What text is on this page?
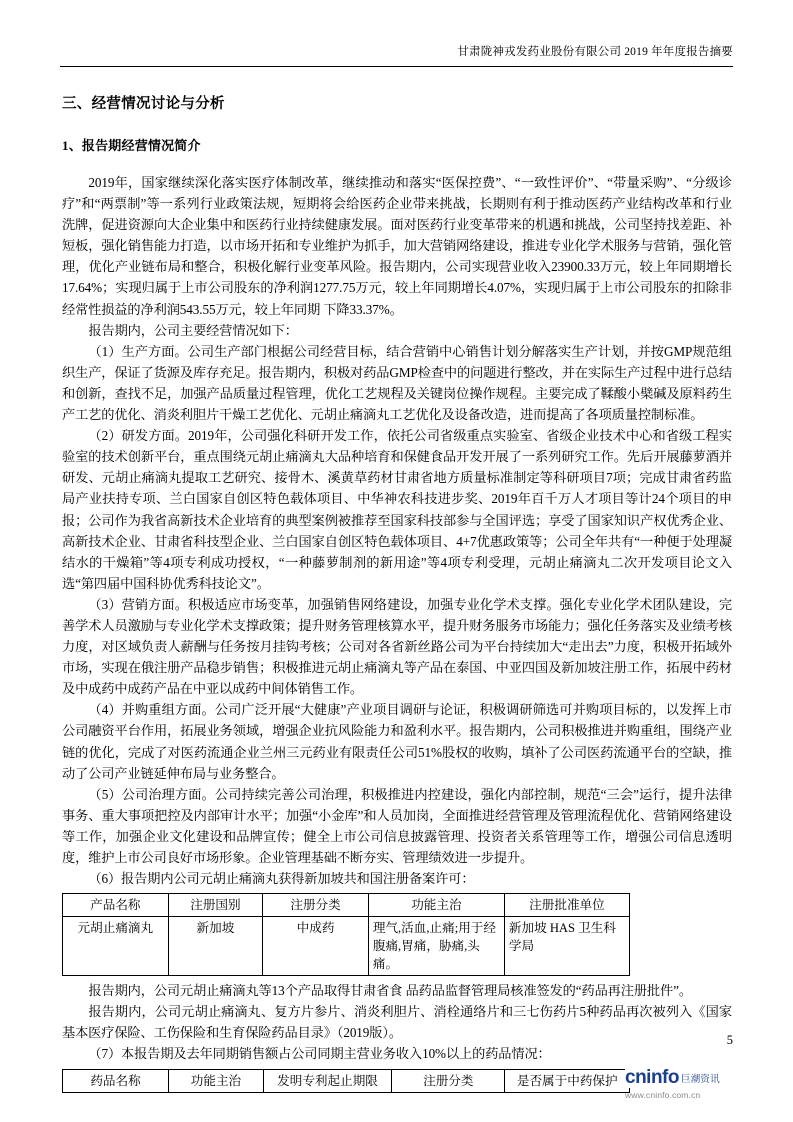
甘肃陇神戎发药业股份有限公司 2019 年年度报告摘要
三、经营情况讨论与分析
1、报告期经营情况简介

2019年，国家继续深化落实医疗体制改革，继续推动和落实“医保控费”、“一致性评价”、“带量采购”、“分级诊疗”和“两票制”等一系列行业政策法规，短期将会给医药企业带来挑战，长期则有利于推动医药产业结构改革和行业洗牌，促进资源向大企业集中和医药行业持续健康发展。面对医药行业变革带来的机遇和挑战，公司坚持找差距、补短板，强化销售能力打造，以市场开拓和专业维护为抓手，加大营销网络建设，推进专业化学术服务与营销，强化管理，优化产业链布局和整合，积极化解行业变革风险。报告期内，公司实现营业收入23900.33万元，较上年同期增长17.64%；实现归属于上市公司股东的净利润1277.75万元，较上年同期增长4.07%，实现归属于上市公司股东的扣除非经常性损益的净利润543.55万元，较上年同期 下降33.37%。

报告期内，公司主要经营情况如下：

（1）生产方面。公司生产部门根据公司经营目标，结合营销中心销售计划分解落实生产计划，并按GMP规范组织生产，保证了货源及库存充足。报告期内，积极对药品GMP检查中的问题进行整改，并在实际生产过程中进行总结和创新，查找不足，加强产品质量过程管理，优化工艺规程及关键岗位操作规程。主要完成了鞣酸小檗碱及原料药生产工艺的优化、消炎利胆片干燥工艺优化、元胡止痛滴丸工艺优化及设备改造，进而提高了各项质量控制标准。

（2）研发方面。2019年，公司强化科研开发工作，依托公司省级重点实验室、省级企业技术中心和省级工程实验室的技术创新平台，重点围绕元胡止痛滴丸大品种培育和保健食品开发开展了一系列研究工作。先后开展藤萝酒并研发、元胡止痛滴丸提取工艺研究、接骨木、溪黄草药材甘肃省地方质量标准制定等科研项目7项；完成甘肃省药监局产业扶持专项、兰白国家自创区特色载体项目、中华神农科技进步奖、2019年百千万人才项目等计24个项目的申报；公司作为我省高新技术企业培育的典型案例被推荐至国家科技部参与全国评选；享受了国家知识产权优秀企业、高新技术企业、甘肃省科技型企业、兰白国家自创区特色载体项目、4+7优惠政策等；公司全年共有“一种便于处理凝结水的干燥箱”等4项专利成功授权，“一种藤萝制剂的新用途”等4项专利受理，元胡止痛滴丸二次开发项目论文入选“第四届中国科协优秀科技论文”。

（3）营销方面。积极适应市场变革，加强销售网络建设，加强专业化学术支撑。强化专业化学术团队建设，完善学术人员激励与专业化学术支撑政策；提升财务管理核算水平，提升财务服务市场能力；强化任务落实及业绩考核力度，对区域负责人薪酬与任务按月挂钩考核；公司对各省新丝路公司为平台持续加大“走出去”力度，积极开拓域外市场，实现在俄注册产品稳步销售；积极推进元胡止痛滴丸等产品在泰国、中亚四国及新加坡注册工作，拓展中药材及中成药中成药产品在中亚以成药中间体销售工作。

（4）并购重组方面。公司广泛开展“大健康”产业项目调研与论证，积极调研筛选可并购项目标的，以发挥上市公司融资平台作用，拓展业务领域，增强企业抗风险能力和盈利水平。报告期内，公司积极推进并购重组，围绕产业链的优化，完成了对医药流通企业兰州三元药业有限责任公司51%股权的收购，填补了公司医药流通平台的空缺，推动了公司产业链延伸布局与业务整合。

（5）公司治理方面。公司持续完善公司治理，积极推进内控建设，强化内部控制，规范“三会”运行，提升法律事务、重大事项把控及内部审计水平；加强“小金库”和人员加岗，全面推进经营管理及管理流程优化、营销网络建设等工作，加强企业文化建设和品牌宣传；健全上市公司信息披露管理、投资者关系管理等工作，增强公司信息透明度，维护上市公司良好市场形象。企业管理基础不断夯实、管理绩效进一步提升。

（6）报告期内公司元胡止痛滴丸获得新加坡共和国注册备案许可：

产品名称	注册国别	注册分类	功能主治	注册批准单位
元胡止痛滴丸	新加坡	中成药	理气,活血,止痛;用于经腹痛,胃痛，胁痛,头痛。	新加坡 HAS 卫生科学局

报告期内，公司元胡止痛滴丸等13个产品取得甘肃省食 品药品监督管理局核准签发的“药品再注册批件”。

报告期内，公司元胡止痛滴丸、复方片参片、消炎利胆片、消栓通络片和三七伤药片5种药品再次被列入《国家基本医疗保险、工伤保险和生育保险药品目录》（2019版）。

（7）本报告期及去年同期销售额占公司同期主营业务收入10%以上的药品情况：

药品名称	功能主治	发明专利起止期限	注册分类	是否属于中药保护
5
cninfo 巨潮资讯
www.cninfo.com.cn
